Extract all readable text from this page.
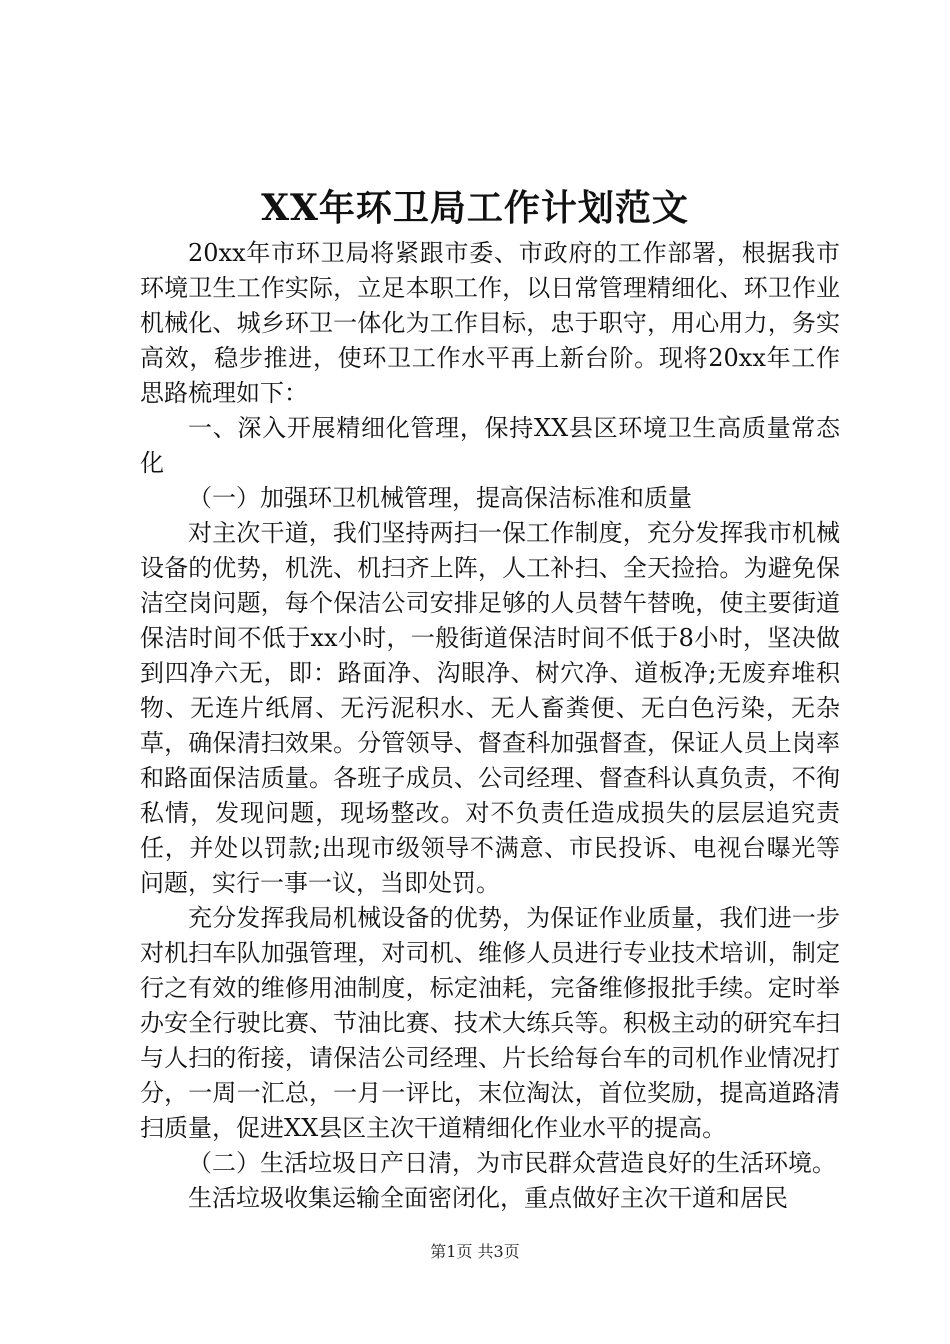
XX年环卫局工作计划范文

20xx年市环卫局将紧跟市委、市政府的工作部署，根据我市环境卫生工作实际，立足本职工作，以日常管理精细化、环卫作业机械化、城乡环卫一体化为工作目标，忠于职守，用心用力，务实高效，稳步推进，使环卫工作水平再上新台阶。现将20xx年工作思路梳理如下：

一、深入开展精细化管理，保持XX县区环境卫生高质量常态化

（一）加强环卫机械管理，提高保洁标准和质量

对主次干道，我们坚持两扫一保工作制度，充分发挥我市机械设备的优势，机洗、机扫齐上阵，人工补扫、全天捡拾。为避免保洁空岗问题，每个保洁公司安排足够的人员替午替晚，使主要街道保洁时间不低于xx小时，一般街道保洁时间不低于8小时，坚决做到四净六无，即：路面净、沟眼净、树穴净、道板净;无废弃堆积物、无连片纸屑、无污泥积水、无人畜粪便、无白色污染，无杂草，确保清扫效果。分管领导、督查科加强督查，保证人员上岗率和路面保洁质量。各班子成员、公司经理、督查科认真负责，不徇私情，发现问题，现场整改。对不负责任造成损失的层层追究责任，并处以罚款;出现市级领导不满意、市民投诉、电视台曝光等问题，实行一事一议，当即处罚。

充分发挥我局机械设备的优势，为保证作业质量，我们进一步对机扫车队加强管理，对司机、维修人员进行专业技术培训，制定行之有效的维修用油制度，标定油耗，完备维修报批手续。定时举办安全行驶比赛、节油比赛、技术大练兵等。积极主动的研究车扫与人扫的衔接，请保洁公司经理、片长给每台车的司机作业情况打分，一周一汇总，一月一评比，末位淘汰，首位奖励，提高道路清扫质量，促进XX县区主次干道精细化作业水平的提高。

（二）生活垃圾日产日清，为市民群众营造良好的生活环境。

生活垃圾收集运输全面密闭化，重点做好主次干道和居民

第1页 共3页
